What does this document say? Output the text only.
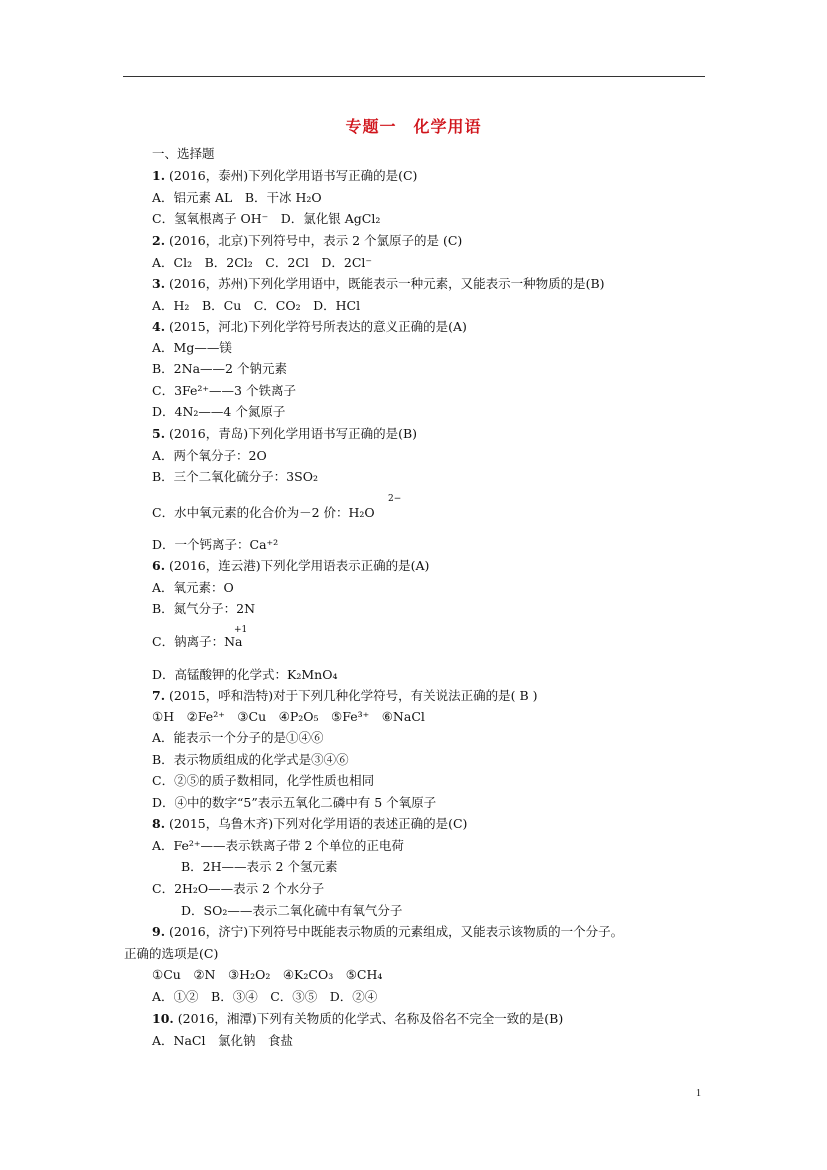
专题一　化学用语
一、选择题
1. (2016，泰州)下列化学用语书写正确的是(C)
A．铝元素 AL　B．干冰 H₂O
C．氢氧根离子 OH⁻　D．氯化银 AgCl₂
2. (2016，北京)下列符号中，表示 2 个氯原子的是 (C)
A．Cl₂　B．2Cl₂　C．2Cl　D．2Cl⁻
3. (2016，苏州)下列化学用语中，既能表示一种元素，又能表示一种物质的是(B)
A．H₂　B．Cu　C．CO₂　D．HCl
4. (2015，河北)下列化学符号所表达的意义正确的是(A)
A．Mg——镁
B．2Na——2 个钠元素
C．3Fe²⁺——3 个铁离子
D．4N₂——4 个氮原子
5. (2016，青岛)下列化学用语书写正确的是(B)
A．两个氧分子：2O
B．三个二氧化硫分子：3SO₂
C．水中氧元素的化合价为－2 价：H₂O
D．一个钙离子：Ca⁺²
6. (2016，连云港)下列化学用语表示正确的是(A)
A．氧元素：O
B．氮气分子：2N
C．钠离子：Na
D．高锰酸钾的化学式：K₂MnO₄
7. (2015，呼和浩特)对于下列几种化学符号，有关说法正确的是( B )
①H　②Fe²⁺　③Cu　④P₂O₅　⑤Fe³⁺　⑥NaCl
A．能表示一个分子的是①④⑥
B．表示物质组成的化学式是③④⑥
C．②⑤的质子数相同，化学性质也相同
D．④中的数字“5”表示五氧化二磷中有 5 个氧原子
8. (2015，乌鲁木齐)下列对化学用语的表述正确的是(C)
A．Fe²⁺——表示铁离子带 2 个单位的正电荷
B．2H——表示 2 个氢元素
C．2H₂O——表示 2 个水分子
D．SO₂——表示二氧化硫中有氧气分子
9. (2016，济宁)下列符号中既能表示物质的元素组成，又能表示该物质的一个分子。
正确的选项是(C)
①Cu　②N　③H₂O₂　④K₂CO₃　⑤CH₄
A．①②　B．③④　C．③⑤　D．②④
10. (2016，湘潭)下列有关物质的化学式、名称及俗名不完全一致的是(B)
A．NaCl　氯化钠　食盐
2−
+1
1
